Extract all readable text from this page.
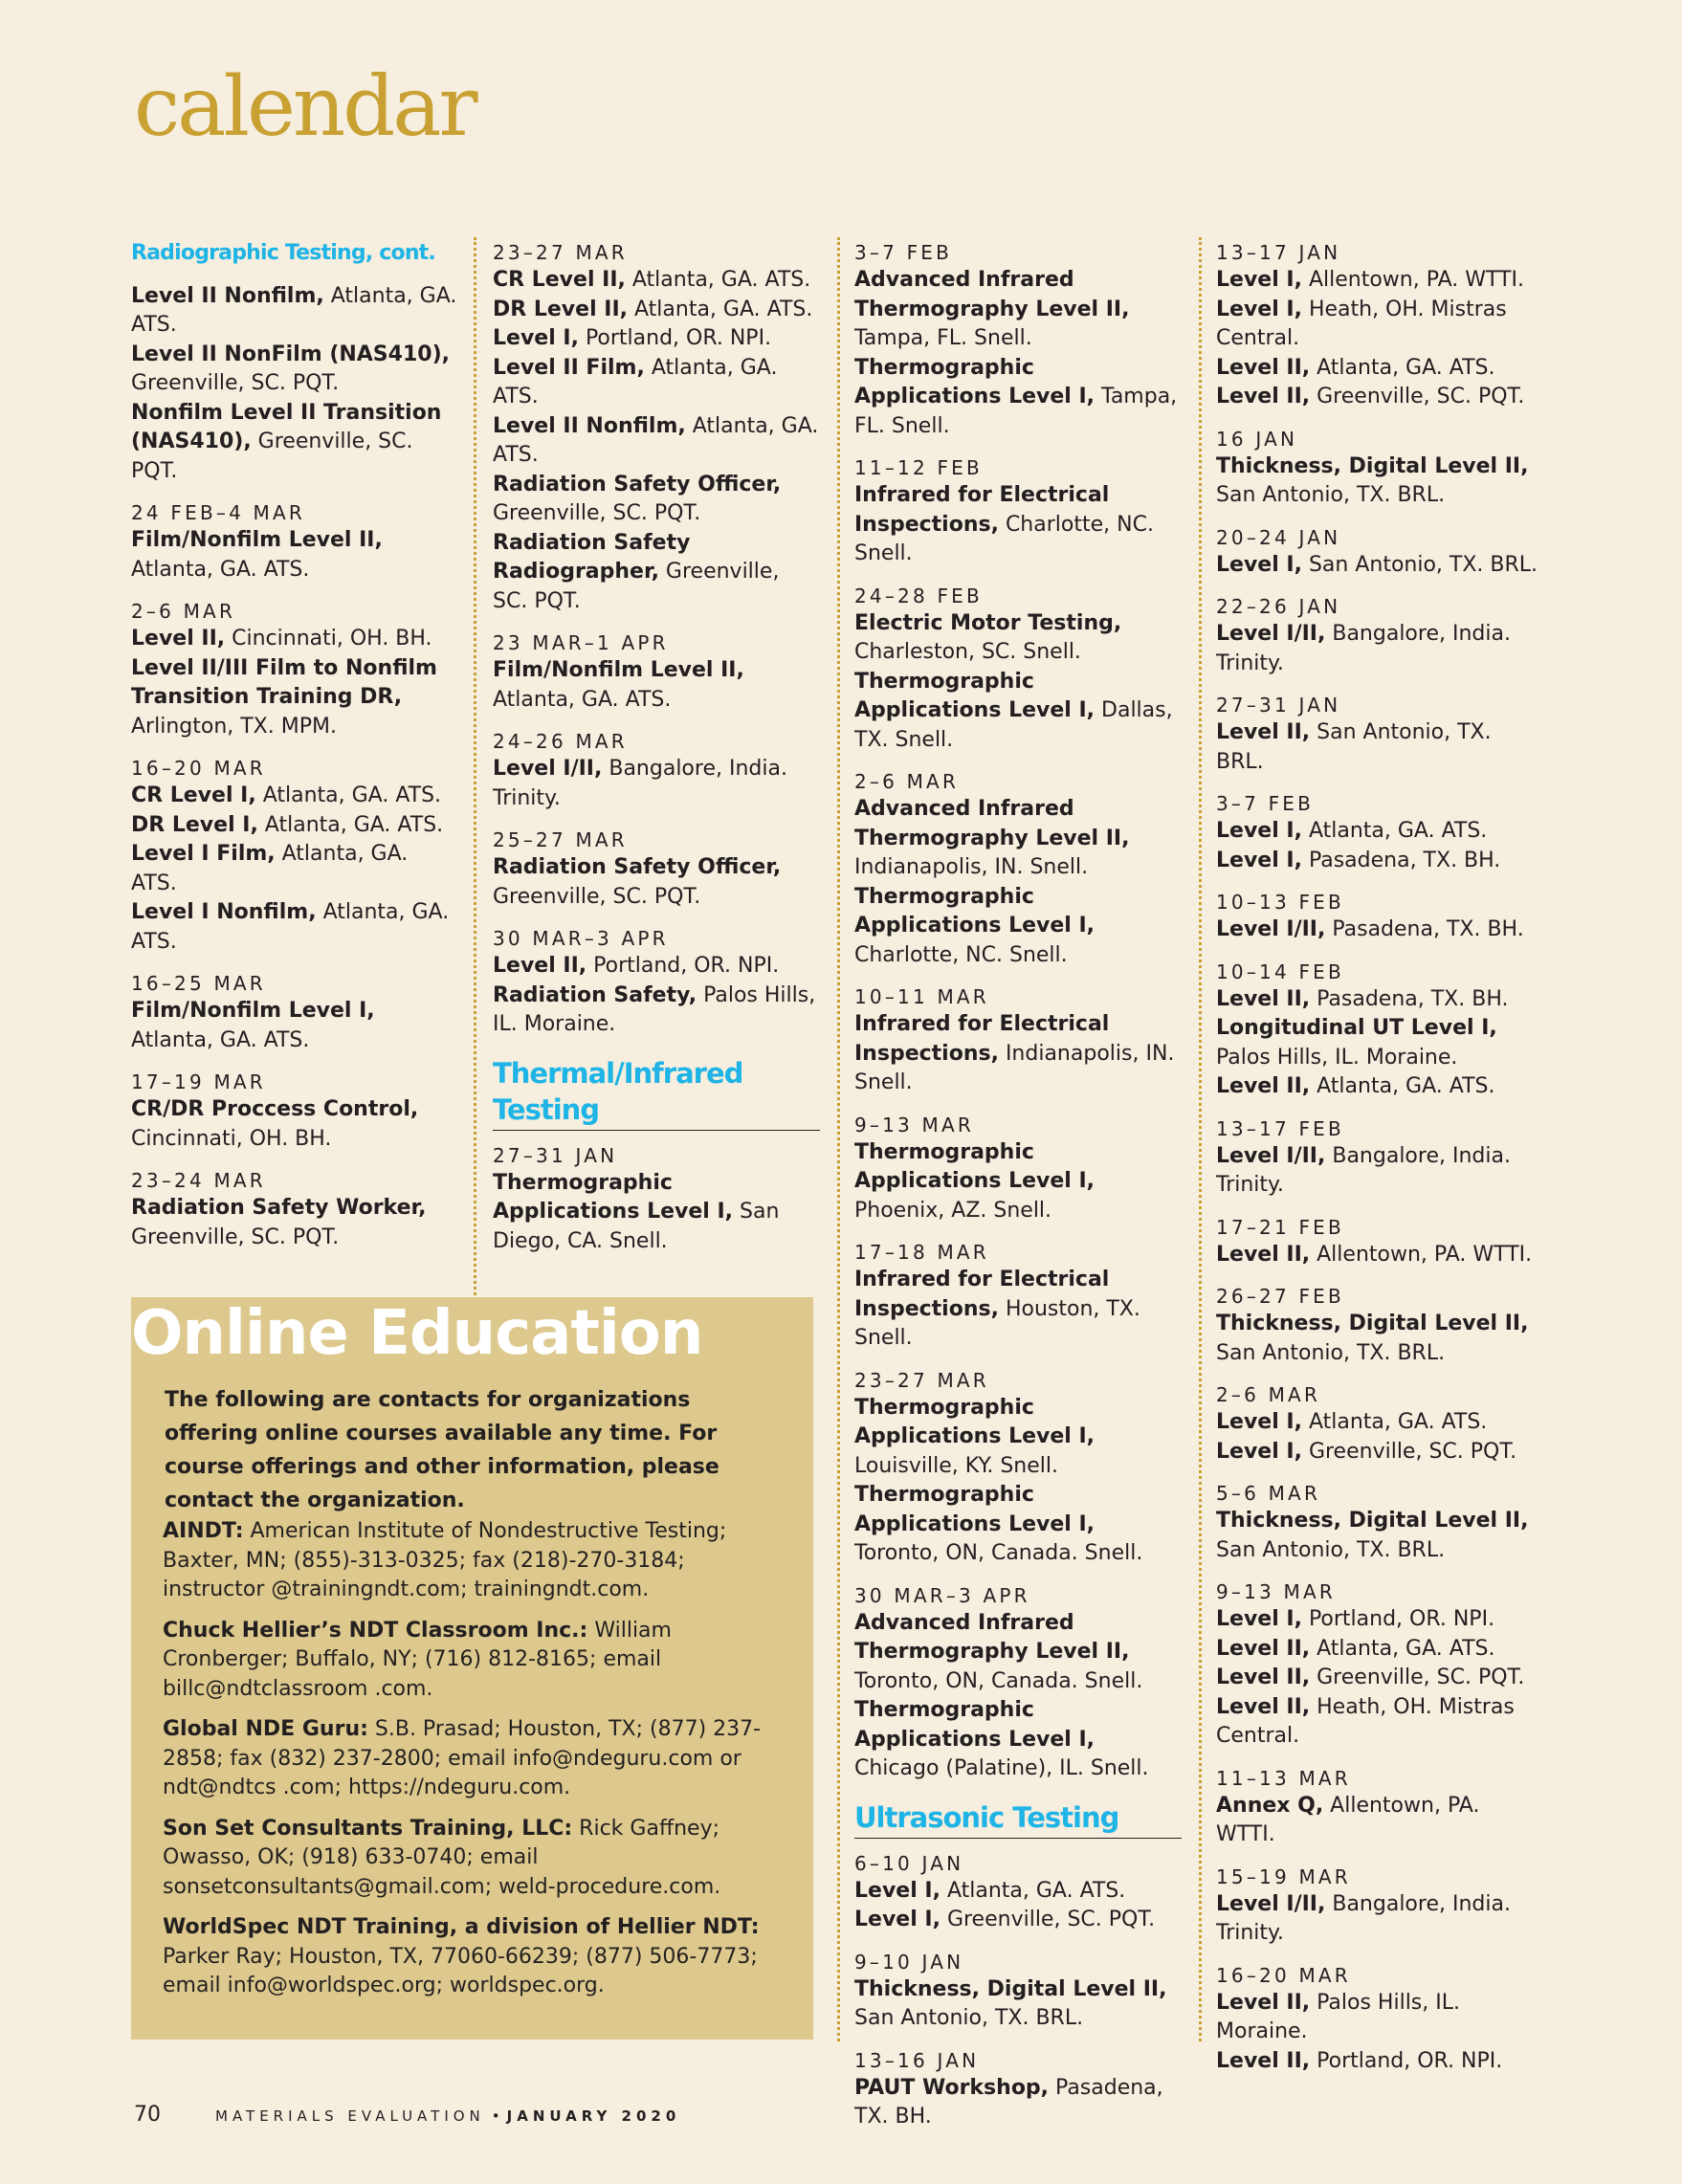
calendar
Radiographic Testing, cont.
Level II Nonfilm, Atlanta, GA. ATS.
Level II NonFilm (NAS410), Greenville, SC. PQT.
Nonfilm Level II Transition (NAS410), Greenville, SC. PQT.
24 FEB–4 MAR
Film/Nonfilm Level II, Atlanta, GA. ATS.
2–6 MAR
Level II, Cincinnati, OH. BH.
Level II/III Film to Nonfilm Transition Training DR, Arlington, TX. MPM.
16–20 MAR
CR Level I, Atlanta, GA. ATS.
DR Level I, Atlanta, GA. ATS.
Level I Film, Atlanta, GA. ATS.
Level I Nonfilm, Atlanta, GA. ATS.
16–25 MAR
Film/Nonfilm Level I, Atlanta, GA. ATS.
17–19 MAR
CR/DR Proccess Control, Cincinnati, OH. BH.
23–24 MAR
Radiation Safety Worker, Greenville, SC. PQT.
23–27 MAR
CR Level II, Atlanta, GA. ATS.
DR Level II, Atlanta, GA. ATS.
Level I, Portland, OR. NPI.
Level II Film, Atlanta, GA. ATS.
Level II Nonfilm, Atlanta, GA. ATS.
Radiation Safety Officer, Greenville, SC. PQT.
Radiation Safety Radiographer, Greenville, SC. PQT.
23 MAR–1 APR
Film/Nonfilm Level II, Atlanta, GA. ATS.
24–26 MAR
Level I/II, Bangalore, India. Trinity.
25–27 MAR
Radiation Safety Officer, Greenville, SC. PQT.
30 MAR–3 APR
Level II, Portland, OR. NPI.
Radiation Safety, Palos Hills, IL. Moraine.
Thermal/Infrared Testing
27–31 JAN
Thermographic Applications Level I, San Diego, CA. Snell.
3–7 FEB
Advanced Infrared Thermography Level II, Tampa, FL. Snell.
Thermographic Applications Level I, Tampa, FL. Snell.
11–12 FEB
Infrared for Electrical Inspections, Charlotte, NC. Snell.
24–28 FEB
Electric Motor Testing, Charleston, SC. Snell.
Thermographic Applications Level I, Dallas, TX. Snell.
2–6 MAR
Advanced Infrared Thermography Level II, Indianapolis, IN. Snell.
Thermographic Applications Level I, Charlotte, NC. Snell.
10–11 MAR
Infrared for Electrical Inspections, Indianapolis, IN. Snell.
9–13 MAR
Thermographic Applications Level I, Phoenix, AZ. Snell.
17–18 MAR
Infrared for Electrical Inspections, Houston, TX. Snell.
23–27 MAR
Thermographic Applications Level I, Louisville, KY. Snell.
Thermographic Applications Level I, Toronto, ON, Canada. Snell.
30 MAR–3 APR
Advanced Infrared Thermography Level II, Toronto, ON, Canada. Snell.
Thermographic Applications Level I, Chicago (Palatine), IL. Snell.
Ultrasonic Testing
6–10 JAN
Level I, Atlanta, GA. ATS.
Level I, Greenville, SC. PQT.
9–10 JAN
Thickness, Digital Level II, San Antonio, TX. BRL.
13–16 JAN
PAUT Workshop, Pasadena, TX. BH.
13–17 JAN
Level I, Allentown, PA. WTTI.
Level I, Heath, OH. Mistras Central.
Level II, Atlanta, GA. ATS.
Level II, Greenville, SC. PQT.
16 JAN
Thickness, Digital Level II, San Antonio, TX. BRL.
20–24 JAN
Level I, San Antonio, TX. BRL.
22–26 JAN
Level I/II, Bangalore, India. Trinity.
27–31 JAN
Level II, San Antonio, TX. BRL.
3–7 FEB
Level I, Atlanta, GA. ATS.
Level I, Pasadena, TX. BH.
10–13 FEB
Level I/II, Pasadena, TX. BH.
10–14 FEB
Level II, Pasadena, TX. BH.
Longitudinal UT Level I, Palos Hills, IL. Moraine.
Level II, Atlanta, GA. ATS.
13–17 FEB
Level I/II, Bangalore, India. Trinity.
17–21 FEB
Level II, Allentown, PA. WTTI.
26–27 FEB
Thickness, Digital Level II, San Antonio, TX. BRL.
2–6 MAR
Level I, Atlanta, GA. ATS.
Level I, Greenville, SC. PQT.
5–6 MAR
Thickness, Digital Level II, San Antonio, TX. BRL.
9–13 MAR
Level I, Portland, OR. NPI.
Level II, Atlanta, GA. ATS.
Level II, Greenville, SC. PQT.
Level II, Heath, OH. Mistras Central.
11–13 MAR
Annex Q, Allentown, PA. WTTI.
15–19 MAR
Level I/II, Bangalore, India. Trinity.
16–20 MAR
Level II, Palos Hills, IL. Moraine.
Level II, Portland, OR. NPI.
Online Education
The following are contacts for organizations offering online courses available any time. For course offerings and other information, please contact the organization.
AINDT: American Institute of Nondestructive Testing; Baxter, MN; (855)-313-0325; fax (218)-270-3184; instructor @trainingndt.com; trainingndt.com.
Chuck Hellier’s NDT Classroom Inc.: William Cronberger; Buffalo, NY; (716) 812-8165; email billc@ndtclassroom .com.
Global NDE Guru: S.B. Prasad; Houston, TX; (877) 237-2858; fax (832) 237-2800; email info@ndeguru.com or ndt@ndtcs .com; https://ndeguru.com.
Son Set Consultants Training, LLC: Rick Gaffney; Owasso, OK; (918) 633-0740; email sonsetconsultants@gmail.com; weld-procedure.com.
WorldSpec NDT Training, a division of Hellier NDT: Parker Ray; Houston, TX, 77060-66239; (877) 506-7773; email info@worldspec.org; worldspec.org.
70	MATERIALS EVALUATION • JANUARY 2020
